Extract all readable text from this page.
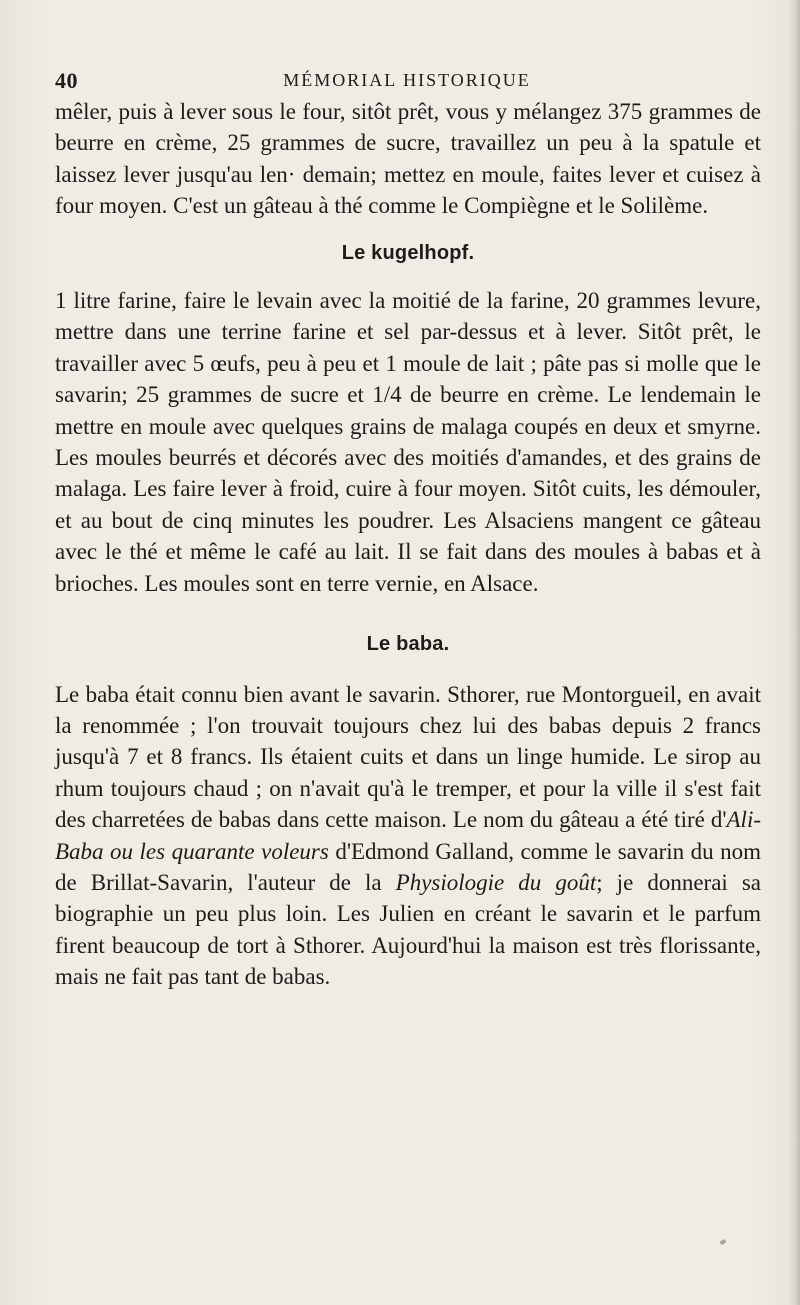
40	MÉMORIAL HISTORIQUE

mêler, puis à lever sous le four, sitôt prêt, vous y mélangez 375 grammes de beurre en crème, 25 grammes de sucre, travaillez un peu à la spatule et laissez lever jusqu'au len· demain; mettez en moule, faites lever et cuisez à four moyen. C'est un gâteau à thé comme le Compiègne et le Solilème.

Le kugelhopf.

1 litre farine, faire le levain avec la moitié de la farine, 20 grammes levure, mettre dans une terrine farine et sel par-dessus et à lever. Sitôt prêt, le travailler avec 5 œufs, peu à peu et 1 moule de lait ; pâte pas si molle que le savarin; 25 grammes de sucre et 1/4 de beurre en crème. Le lendemain le mettre en moule avec quelques grains de malaga coupés en deux et smyrne. Les moules beurrés et décorés avec des moitiés d'amandes, et des grains de malaga. Les faire lever à froid, cuire à four moyen. Sitôt cuits, les démouler, et au bout de cinq minutes les poudrer. Les Alsaciens mangent ce gâteau avec le thé et même le café au lait. Il se fait dans des moules à babas et à brioches. Les moules sont en terre vernie, en Alsace.

Le baba.

Le baba était connu bien avant le savarin. Sthorer, rue Montorgueil, en avait la renommée ; l'on trouvait toujours chez lui des babas depuis 2 francs jusqu'à 7 et 8 francs. Ils étaient cuits et dans un linge humide. Le sirop au rhum toujours chaud ; on n'avait qu'à le tremper, et pour la ville il s'est fait des charretées de babas dans cette maison. Le nom du gâteau a été tiré d'Ali-Baba ou les quarante voleurs d'Edmond Galland, comme le savarin du nom de Brillat-Savarin, l'auteur de la Physiologie du goût; je donnerai sa biographie un peu plus loin. Les Julien en créant le savarin et le parfum firent beaucoup de tort à Sthorer. Aujourd'hui la maison est très florissante, mais ne fait pas tant de babas.
